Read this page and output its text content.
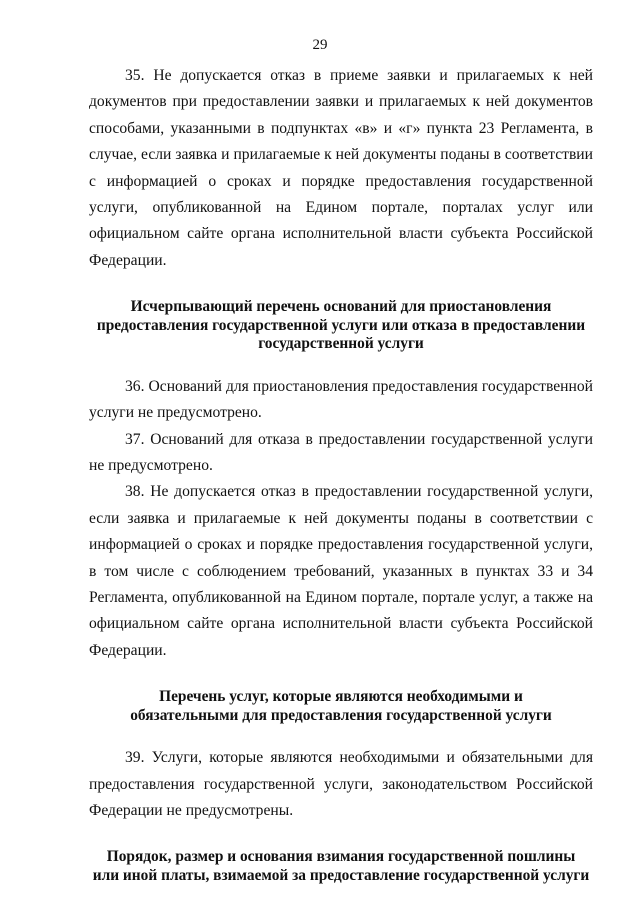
29

35. Не допускается отказ в приеме заявки и прилагаемых к ней документов при предоставлении заявки и прилагаемых к ней документов способами, указанными в подпунктах «в» и «г» пункта 23 Регламента, в случае, если заявка и прилагаемые к ней документы поданы в соответствии с информацией о сроках и порядке предоставления государственной услуги, опубликованной на Едином портале, порталах услуг или официальном сайте органа исполнительной власти субъекта Российской Федерации.

Исчерпывающий перечень оснований для приостановления
предоставления государственной услуги или отказа в предоставлении
государственной услуги

36. Оснований для приостановления предоставления государственной услуги не предусмотрено.

37. Оснований для отказа в предоставлении государственной услуги не предусмотрено.

38. Не допускается отказ в предоставлении государственной услуги, если заявка и прилагаемые к ней документы поданы в соответствии с информацией о сроках и порядке предоставления государственной услуги, в том числе с соблюдением требований, указанных в пунктах 33 и 34 Регламента, опубликованной на Едином портале, портале услуг, а также на официальном сайте органа исполнительной власти субъекта Российской Федерации.

Перечень услуг, которые являются необходимыми и
обязательными для предоставления государственной услуги

39. Услуги, которые являются необходимыми и обязательными для предоставления государственной услуги, законодательством Российской Федерации не предусмотрены.

Порядок, размер и основания взимания государственной пошлины
или иной платы, взимаемой за предоставление государственной услуги
